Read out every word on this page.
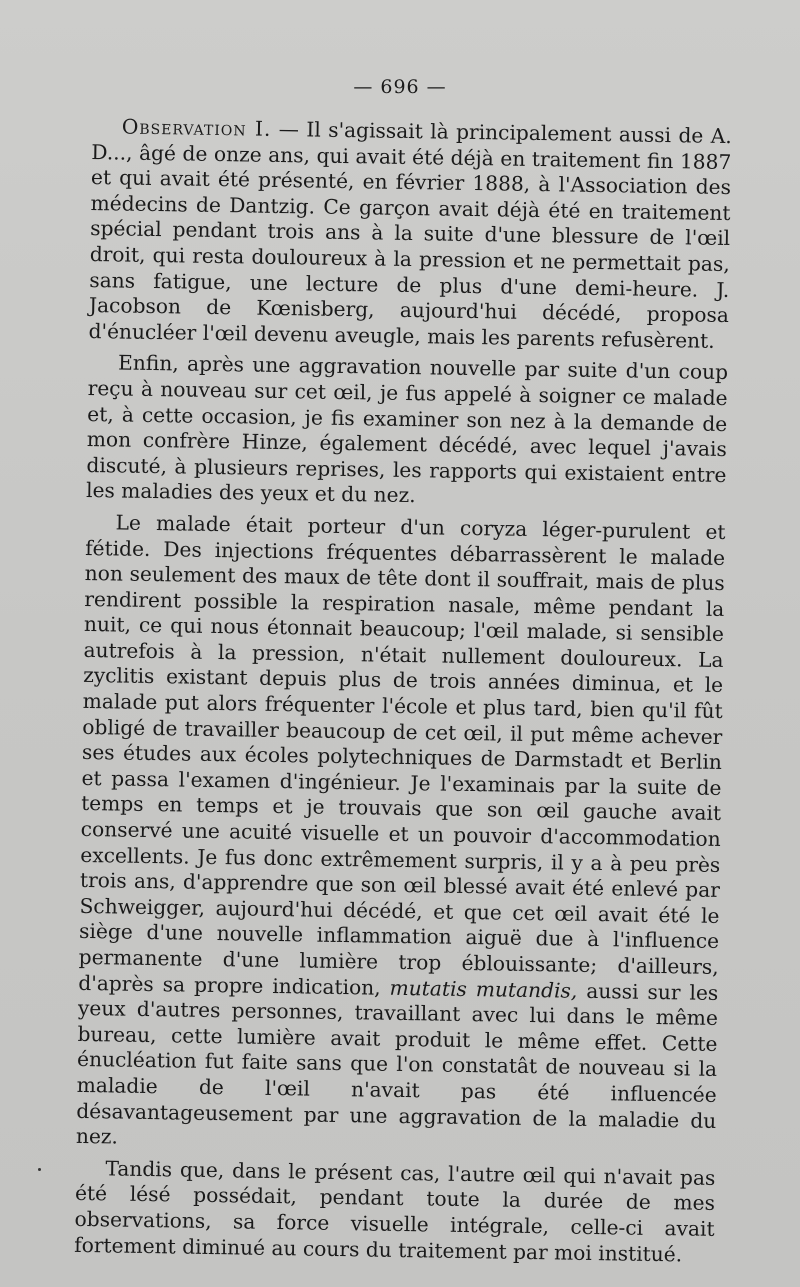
— 696 —

Observation I. — Il s'agissait là principalement aussi de A. D..., âgé de onze ans, qui avait été déjà en traitement fin 1887 et qui avait été présenté, en février 1888, à l'Association des médecins de Dantzig. Ce garçon avait déjà été en traitement spécial pendant trois ans à la suite d'une blessure de l'œil droit, qui resta douloureux à la pression et ne permettait pas, sans fatigue, une lecture de plus d'une demi-heure. J. Jacobson de Kœnisberg, aujourd'hui décédé, proposa d'énucléer l'œil devenu aveugle, mais les parents refusèrent.

Enfin, après une aggravation nouvelle par suite d'un coup reçu à nouveau sur cet œil, je fus appelé à soigner ce malade et, à cette occasion, je fis examiner son nez à la demande de mon confrère Hinze, également décédé, avec lequel j'avais discuté, à plusieurs reprises, les rapports qui existaient entre les maladies des yeux et du nez.

Le malade était porteur d'un coryza léger-purulent et fétide. Des injections fréquentes débarrassèrent le malade non seulement des maux de tête dont il souffrait, mais de plus rendirent possible la respiration nasale, même pendant la nuit, ce qui nous étonnait beaucoup; l'œil malade, si sensible autrefois à la pression, n'était nullement douloureux. La zyclitis existant depuis plus de trois années diminua, et le malade put alors fréquenter l'école et plus tard, bien qu'il fût obligé de travailler beaucoup de cet œil, il put même achever ses études aux écoles polytechniques de Darmstadt et Berlin et passa l'examen d'ingénieur. Je l'examinais par la suite de temps en temps et je trouvais que son œil gauche avait conservé une acuité visuelle et un pouvoir d'accommodation excellents. Je fus donc extrêmement surpris, il y a à peu près trois ans, d'apprendre que son œil blessé avait été enlevé par Schweigger, aujourd'hui décédé, et que cet œil avait été le siège d'une nouvelle inflammation aiguë due à l'influence permanente d'une lumière trop éblouissante; d'ailleurs, d'après sa propre indication, mutatis mutandis, aussi sur les yeux d'autres personnes, travaillant avec lui dans le même bureau, cette lumière avait produit le même effet. Cette énucléation fut faite sans que l'on constatât de nouveau si la maladie de l'œil n'avait pas été influencée désavantageusement par une aggravation de la maladie du nez.

Tandis que, dans le présent cas, l'autre œil qui n'avait pas été lésé possédait, pendant toute la durée de mes observations, sa force visuelle intégrale, celle-ci avait fortement diminué au cours du traitement par moi institué.
